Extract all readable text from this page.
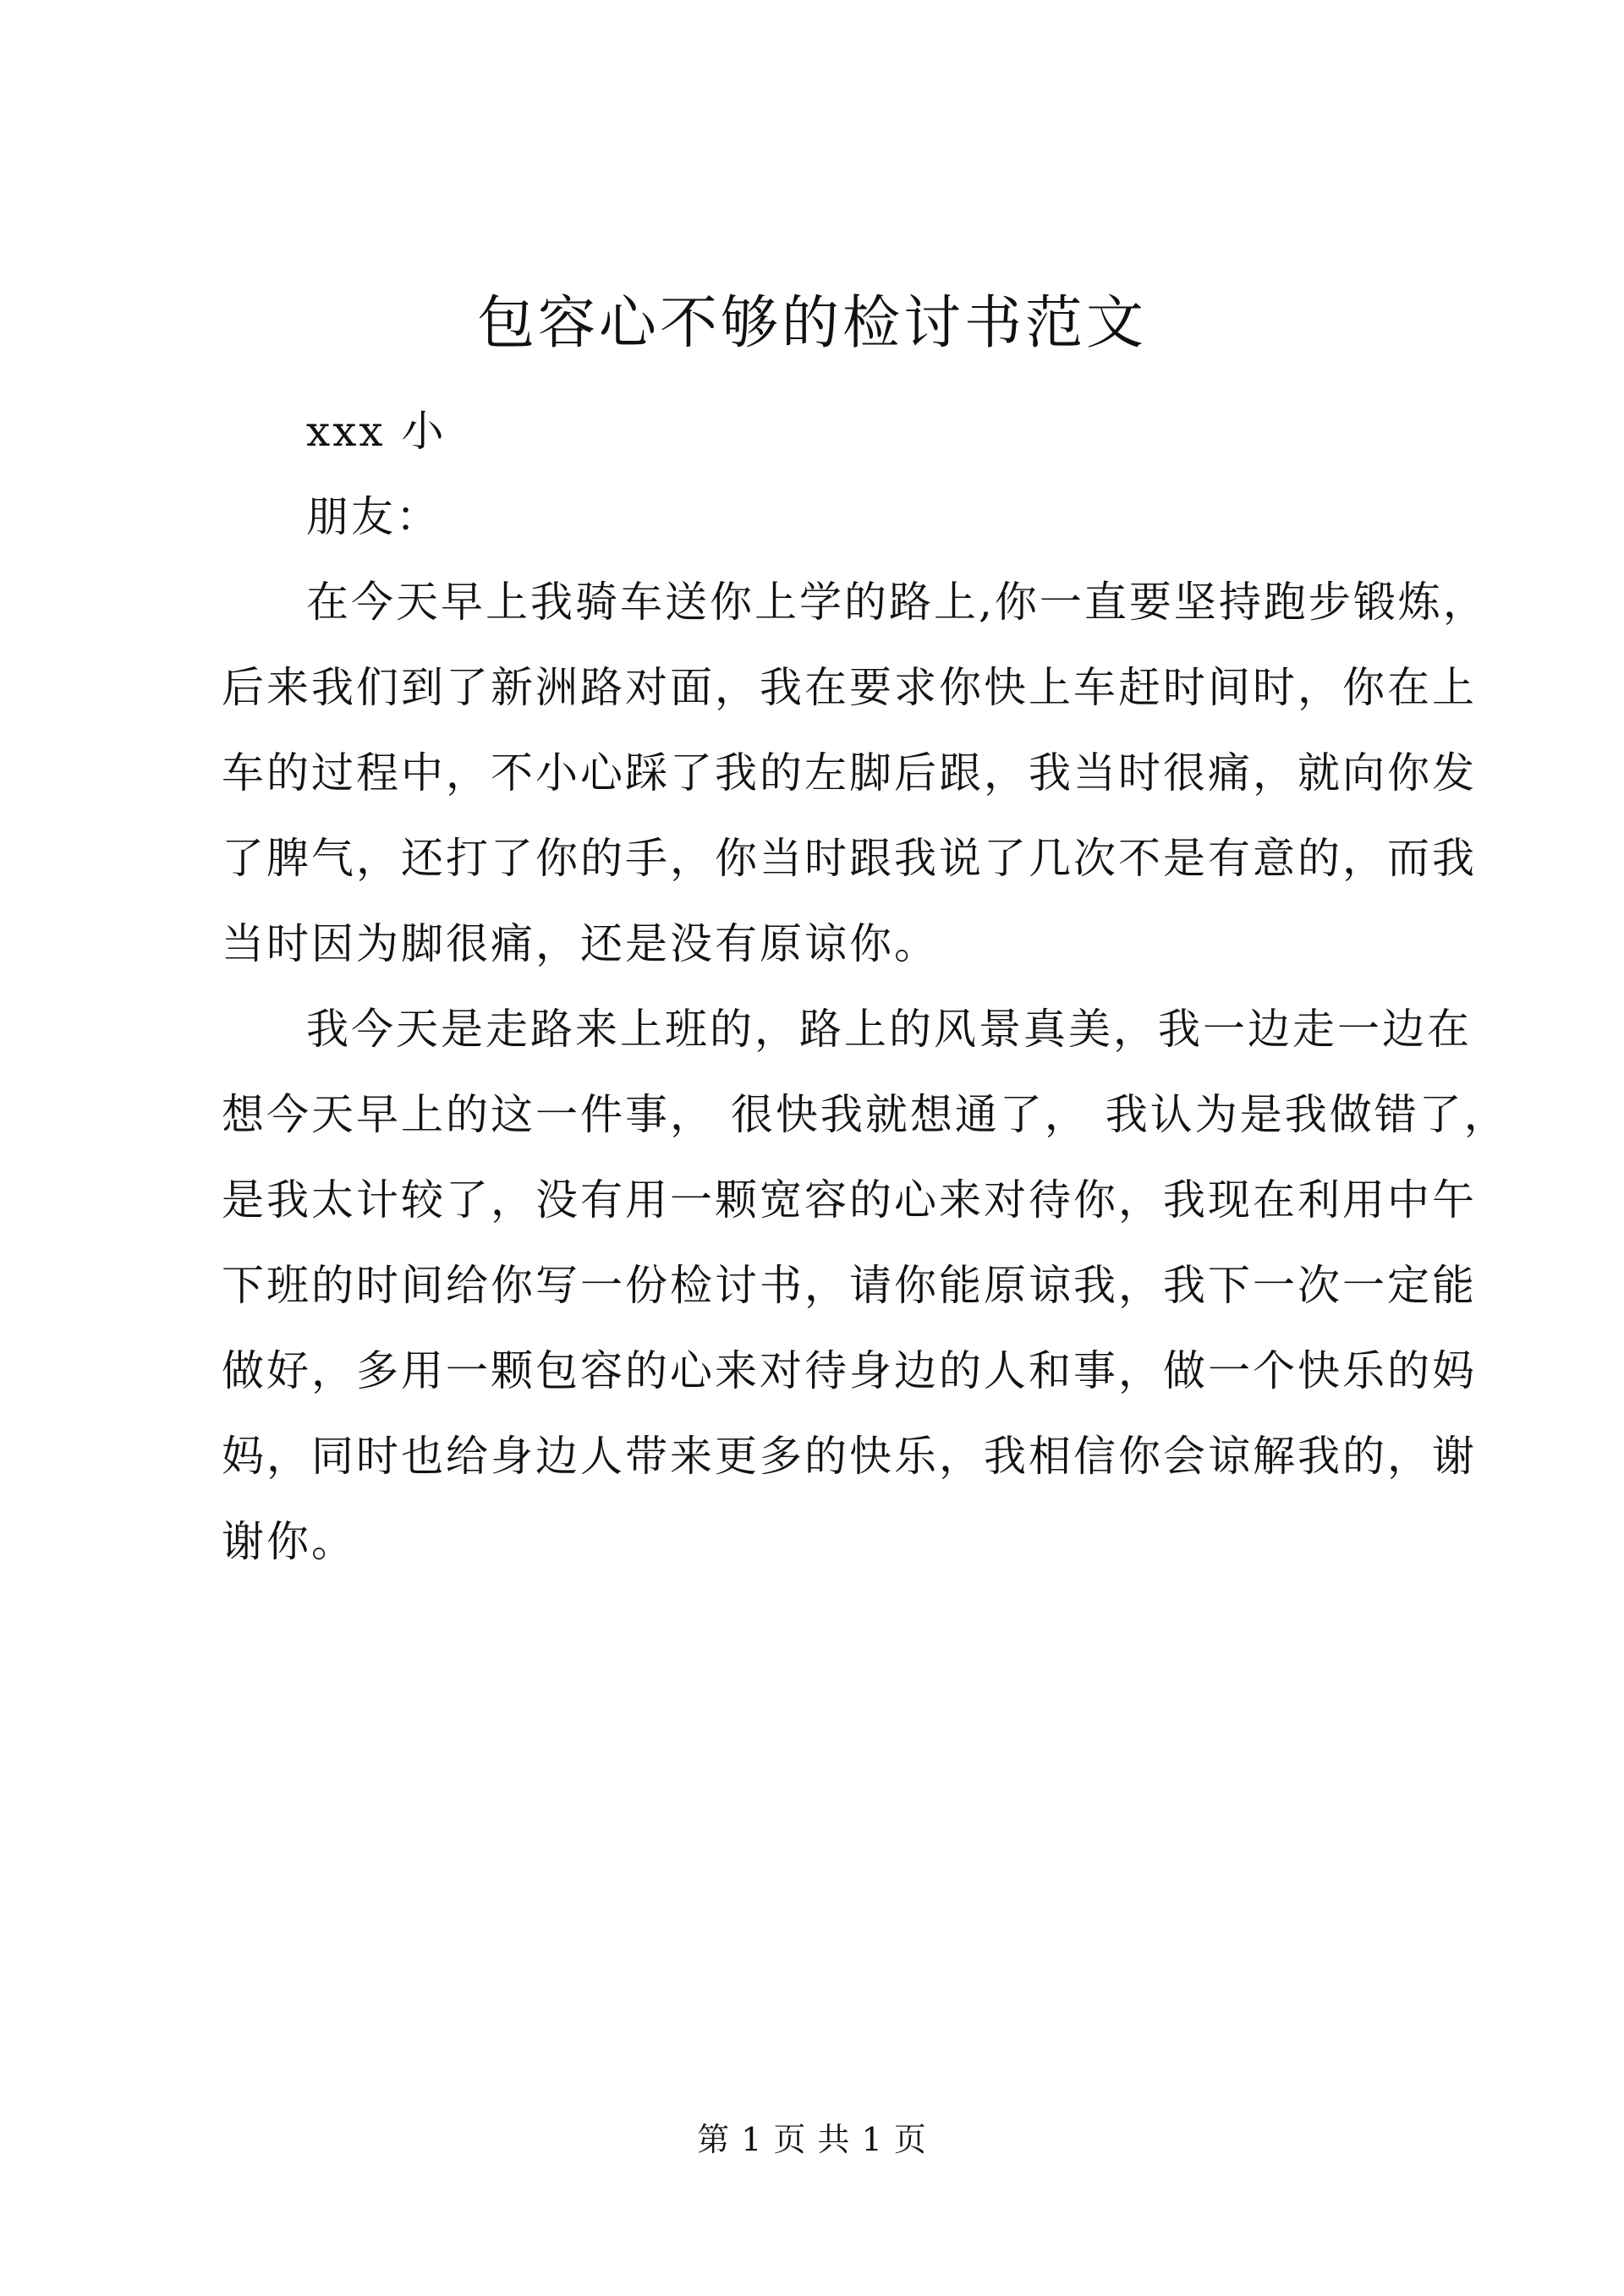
包容心不够的检讨书范文
xxx 小
朋友：
在今天早上我骑车送你上学的路上,你一直要坚持跑步锻炼，
后来我们到了新洲路对面，我在要求你快上车赶时间时，你在上
车的过程中，不小心踩了我的左脚后跟，我当时很痛，就向你发
了脾气，还打了你的手，你当时跟我说了几次不是有意的，而我
当时因为脚很痛，还是没有原谅你。
我今天是走路来上班的，路上的风景真美，我一边走一边在
想今天早上的这一件事， 很快我就想通了， 我认为是我做错了，
是我太计较了，没有用一颗宽容的心来对待你，我现在利用中午
下班的时间给你写一份检讨书，请你能原谅我，我下一次一定能
做好，多用一颗包容的心来对待身边的人和事，做一个快乐的妈
妈，同时也给身边人带来更多的快乐，我相信你会谅解我的，谢
谢你。
第 1 页 共 1 页
